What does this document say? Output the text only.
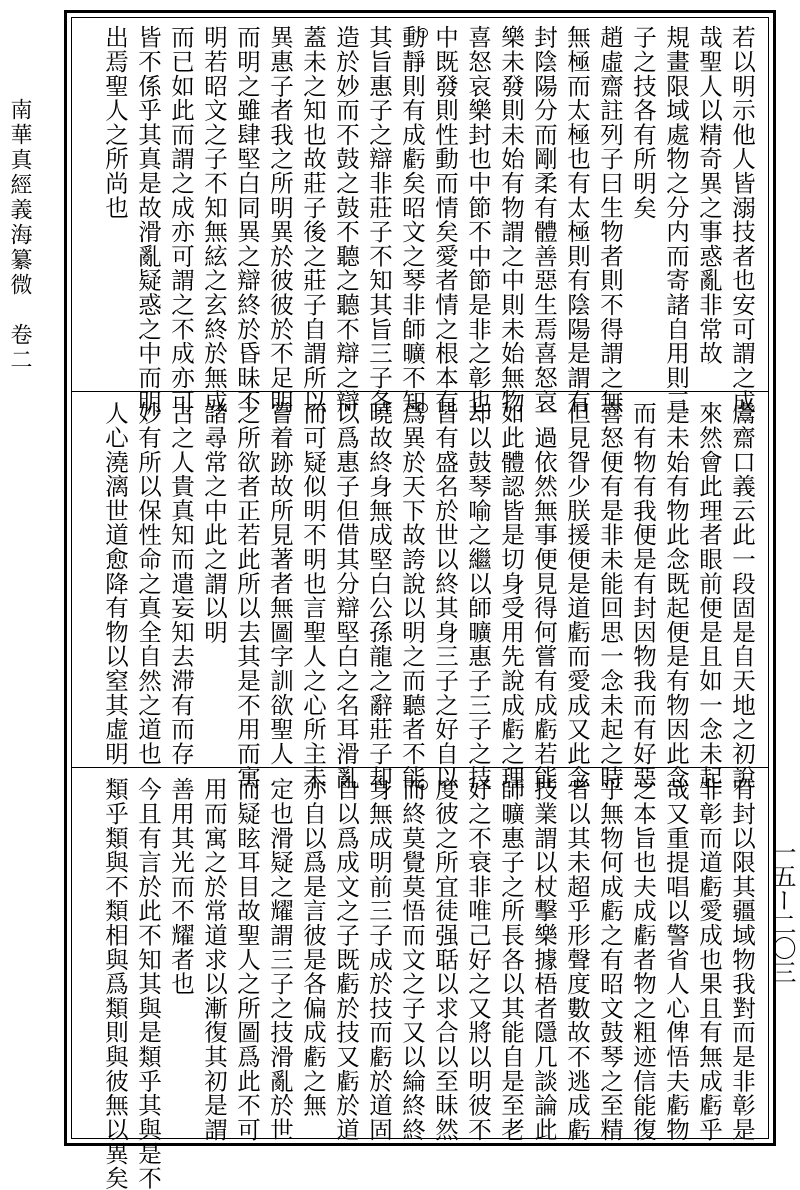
南華真經義海纂微　卷二
一五ー二〇三
若以明示他人皆溺技者也安可謂之成
哉聖人以精奇異之事惑亂非常故
規畫限域處物之分内而寄諸自用則三
子之技各有所明矣
趙虛齋註列子曰生物者則不得謂之無
無極而太極也有太極則有陰陽是謂有
封陰陽分而剛柔有體善惡生焉喜怒哀
樂未發則未始有物謂之中則未始無物
喜怒哀樂封也中節不中節是非之彰也
中既發則性動而情矣愛者情之根本有
動靜則有成虧矣昭文之琴非師曠不知
其旨惠子之辯非莊子不知其旨三子各
造於妙而不鼓之鼓不聽之聽不辯之辯
蓋未之知也故莊子後之莊子自謂所以
異惠子者我之所明異於彼彼於不足明
而明之雖肆堅白同異之辯終於昏昧不
明若昭文之子不知無絃之玄終於無成
而已如此而謂之成亦可謂之不成亦可
皆不係乎其真是故滑亂疑惑之中而明
出焉聖人之所尚也
鬳齋口義云此一段固是自天地之初說
來然會此理者眼前便是且如一念未起
是未始有物此念既起便是有物因此念
而有物有我便是有封因物我而有好惡
喜怒便有是非未能回思一念未起之時
但見眢少朕援便是道虧而愛成又此念
一過依然無事便見得何嘗有成虧若能
如此體認皆是切身受用先說成虧之理
却以鼓琴喻之繼以師曠惠子三子之技
皆有盛名於世以終其身三子之好自以
爲異於天下故誇說以明之而聽者不能
曉故終身無成堅白公孫龍之辭莊子却
以爲惠子但借其分辯堅白之名耳滑亂
而可疑似明不明也言聖人之心所主未
嘗着跡故所見著者無圖字訓欲聖人
之所欲者正若此所以去其是不用而寓
諸尋常之中此之謂以明
古之人貴真知而遣妄知去滞有而存
妙有所以保性命之真全自然之道也
人心澆漓世道愈降有物以窒其虛明
有封以限其疆域物我對而是非彰是
非彰而道虧愛成也果且有無成虧乎
哉又重提唱以警省人心俾悟夫虧物
之本旨也夫成虧者物之粗迹信能復
乎無物何成虧之有昭文鼓琴之至精
者以其未超乎形聲度數故不逃成虧
技業謂以杖擊樂據梧者隱几談論此
師曠惠子之所長各以其能自是至老
好之不衰非唯己好之又將以明彼不
度彼之所宜徒强聒以求合以至昧然
而終莫覺莫悟而文之子又以綸終終
身無成明前三子成於技而虧於道固
自以爲成文之子既虧於技又虧於道
亦自以爲是言彼是各偏成虧之無
定也滑疑之耀謂三子之技滑亂於世
而疑眩耳目故聖人之所圖爲此不可
用而寓之於常道求以漸復其初是謂
善用其光而不耀者也
今且有言於此不知其與是類乎其與是不
類乎類與不類相與爲類則與彼無以異矣
